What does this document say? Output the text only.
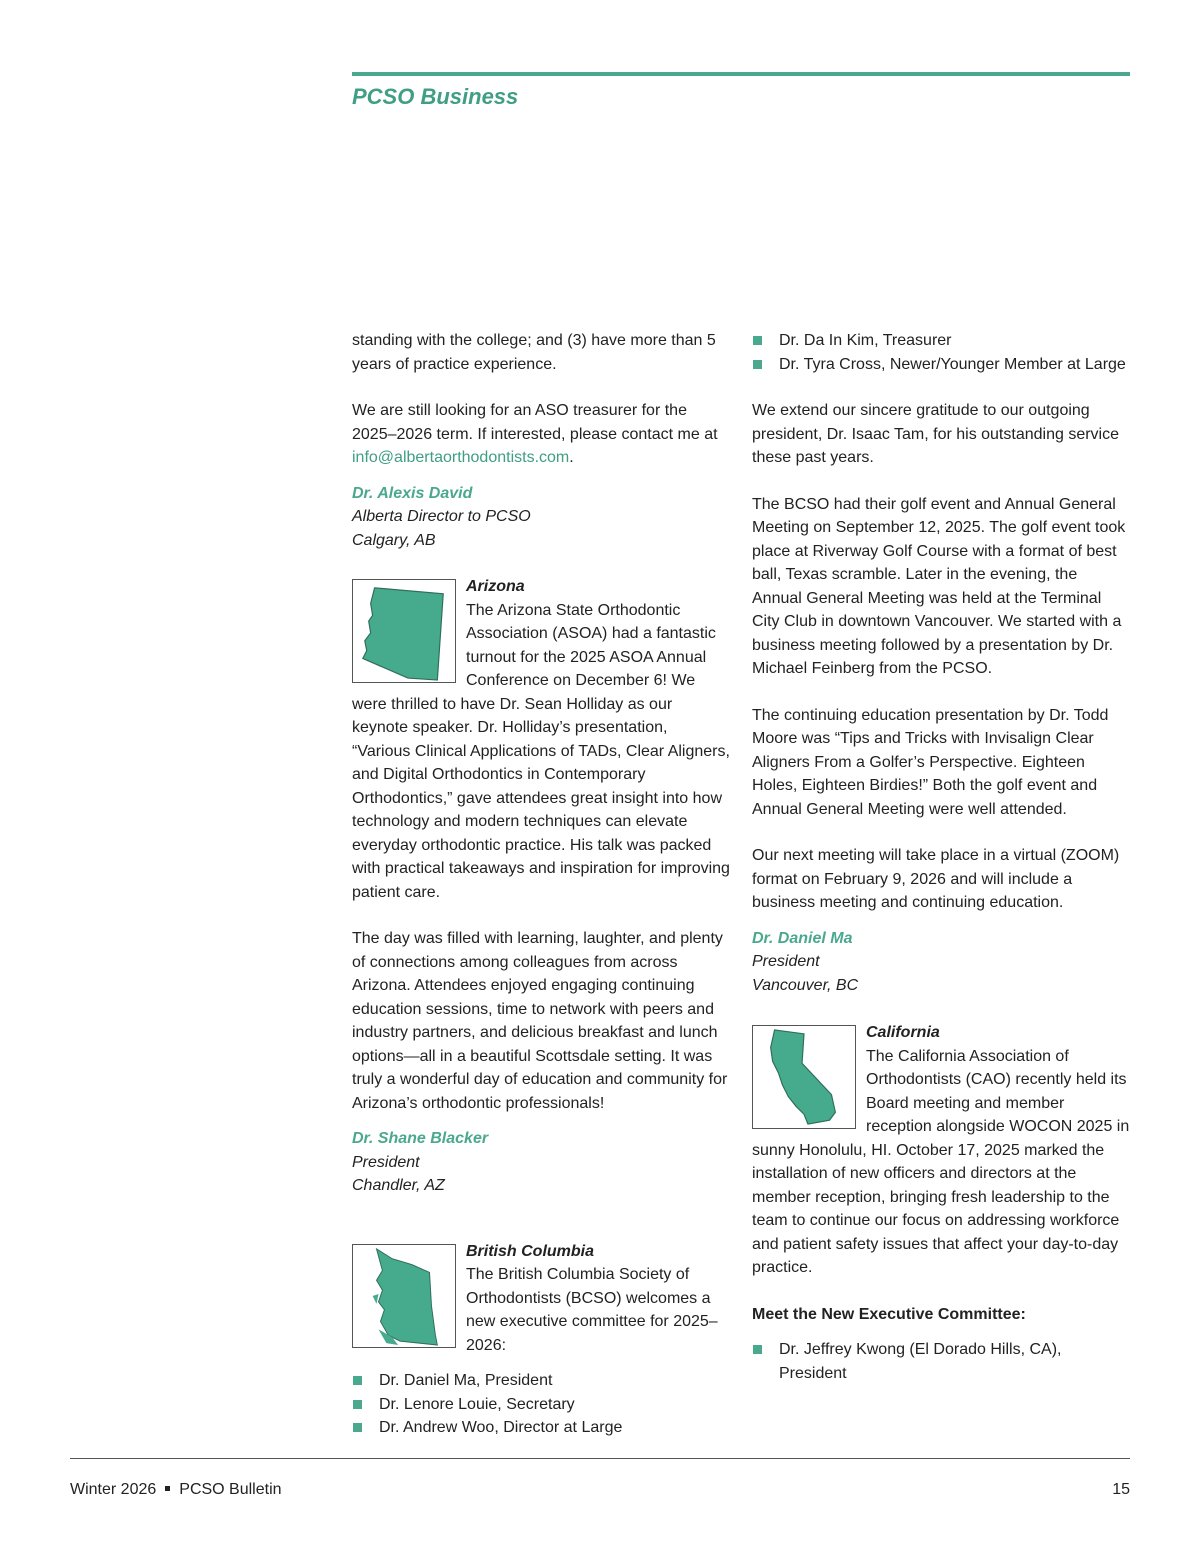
PCSO Business

standing with the college; and (3) have more than 5 years of practice experience.

We are still looking for an ASO treasurer for the 2025–2026 term. If interested, please contact me at info@albertaorthodontists.com.

Dr. Alexis David

Alberta Director to PCSO

Calgary, AB

Arizona

The Arizona State Orthodontic Association (ASOA) had a fantastic turnout for the 2025 ASOA Annual Conference on December 6! We were thrilled to have Dr. Sean Holliday as our keynote speaker. Dr. Holliday’s presentation, “Various Clinical Applications of TADs, Clear Aligners, and Digital Orthodontics in Contemporary Orthodontics,” gave attendees great insight into how technology and modern techniques can elevate everyday orthodontic practice. His talk was packed with practical takeaways and inspiration for improving patient care.

The day was filled with learning, laughter, and plenty of connections among colleagues from across Arizona. Attendees enjoyed engaging continuing education sessions, time to network with peers and industry partners, and delicious breakfast and lunch options—all in a beautiful Scottsdale setting. It was truly a wonderful day of education and community for Arizona’s orthodontic professionals!

Dr. Shane Blacker

President

Chandler, AZ

British Columbia

The British Columbia Society of Orthodontists (BCSO) welcomes a new executive committee for 2025–2026:

Dr. Daniel Ma, President
Dr. Lenore Louie, Secretary
Dr. Andrew Woo, Director at Large
Dr. Da In Kim, Treasurer
Dr. Tyra Cross, Newer/Younger Member at Large

We extend our sincere gratitude to our outgoing president, Dr. Isaac Tam, for his outstanding service these past years.

The BCSO had their golf event and Annual General Meeting on September 12, 2025. The golf event took place at Riverway Golf Course with a format of best ball, Texas scramble. Later in the evening, the Annual General Meeting was held at the Terminal City Club in downtown Vancouver. We started with a business meeting followed by a presentation by Dr. Michael Feinberg from the PCSO.

The continuing education presentation by Dr. Todd Moore was “Tips and Tricks with Invisalign Clear Aligners From a Golfer’s Perspective. Eighteen Holes, Eighteen Birdies!” Both the golf event and Annual General Meeting were well attended.

Our next meeting will take place in a virtual (ZOOM) format on February 9, 2026 and will include a business meeting and continuing education.

Dr. Daniel Ma

President

Vancouver, BC

California

The California Association of Orthodontists (CAO) recently held its Board meeting and member reception alongside WOCON 2025 in sunny Honolulu, HI. October 17, 2025 marked the installation of new officers and directors at the member reception, bringing fresh leadership to the team to continue our focus on addressing workforce and patient safety issues that affect your day-to-day practice.

Meet the New Executive Committee:

Dr. Jeffrey Kwong (El Dorado Hills, CA), President
Winter 2026 PCSO Bulletin	15
